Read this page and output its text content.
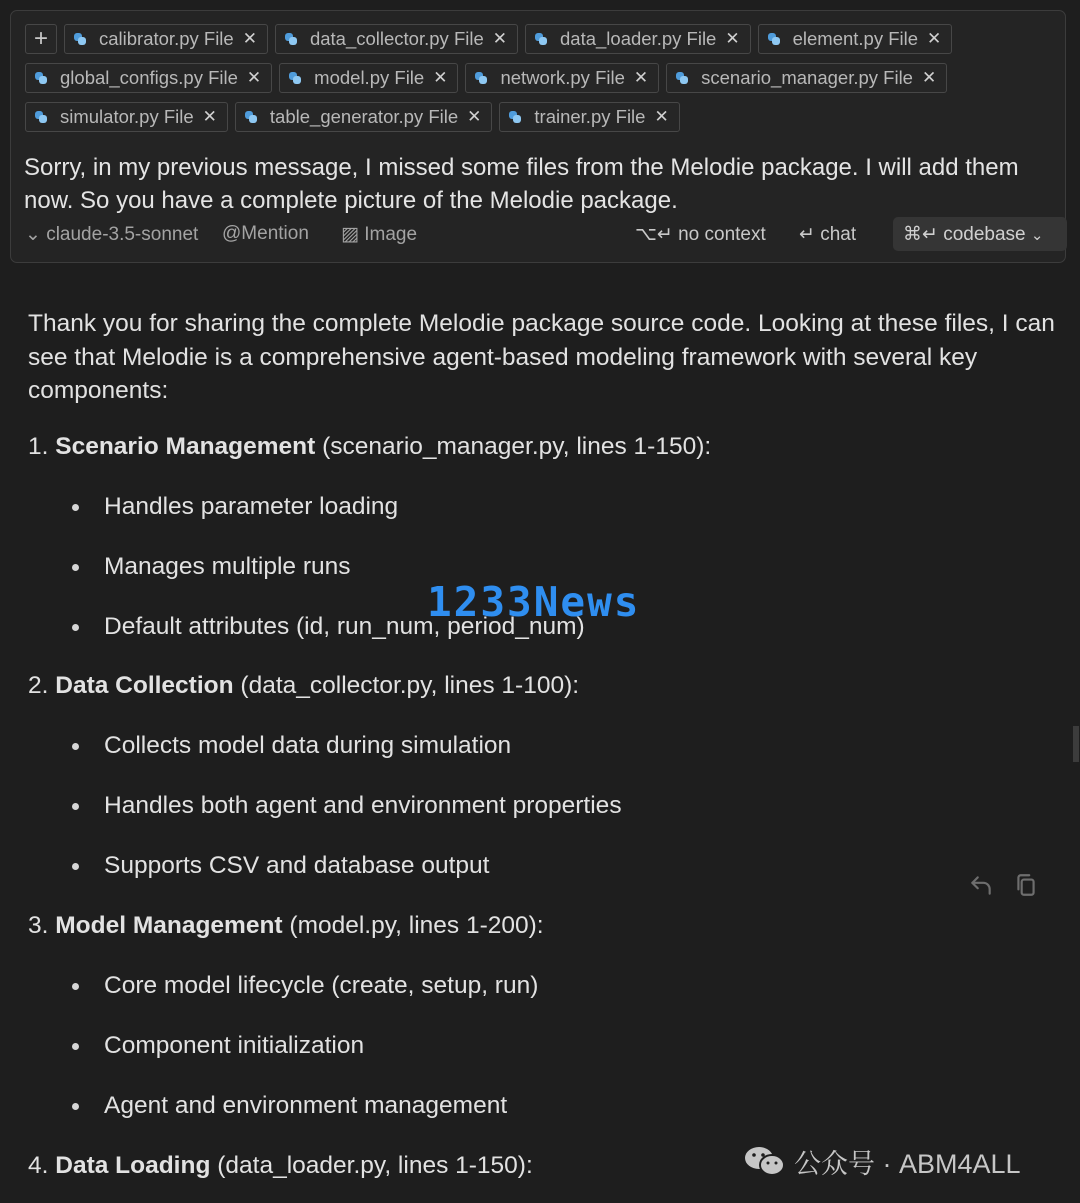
+	calibrator.py
File ✕	data_collector.py
File ✕	data_loader.py
File ✕	element.py
File ✕
global_configs.py
File ✕	model.py
File ✕	network.py
File ✕	scenario_manager.py
File ✕
simulator.py
File ✕	table_generator.py
File ✕	trainer.py
File ✕
Sorry, in my previous message, I missed some files from the Melodie package. I will add them now. So you have a complete picture of the Melodie package.
⌄ claude-3.5-sonnet @Mention ▨ Image	⌥↵ no context ↵ chat	⌘↵ codebase ⌄

Thank you for sharing the complete Melodie package source code. Looking at these files, I can see that Melodie is a comprehensive agent-based modeling framework with several key components:

1. Scenario Management (scenario_manager.py, lines 1-150):
Handles parameter loading
Manages multiple runs
Default attributes (id, run_num, period_num)
2. Data Collection (data_collector.py, lines 1-100):
Collects model data during simulation
Handles both agent and environment properties
Supports CSV and database output
3. Model Management (model.py, lines 1-200):
Core model lifecycle (create, setup, run)
Component initialization
Agent and environment management
4. Data Loading (data_loader.py, lines 1-150):
1233News
公众号 · ABM4ALL
